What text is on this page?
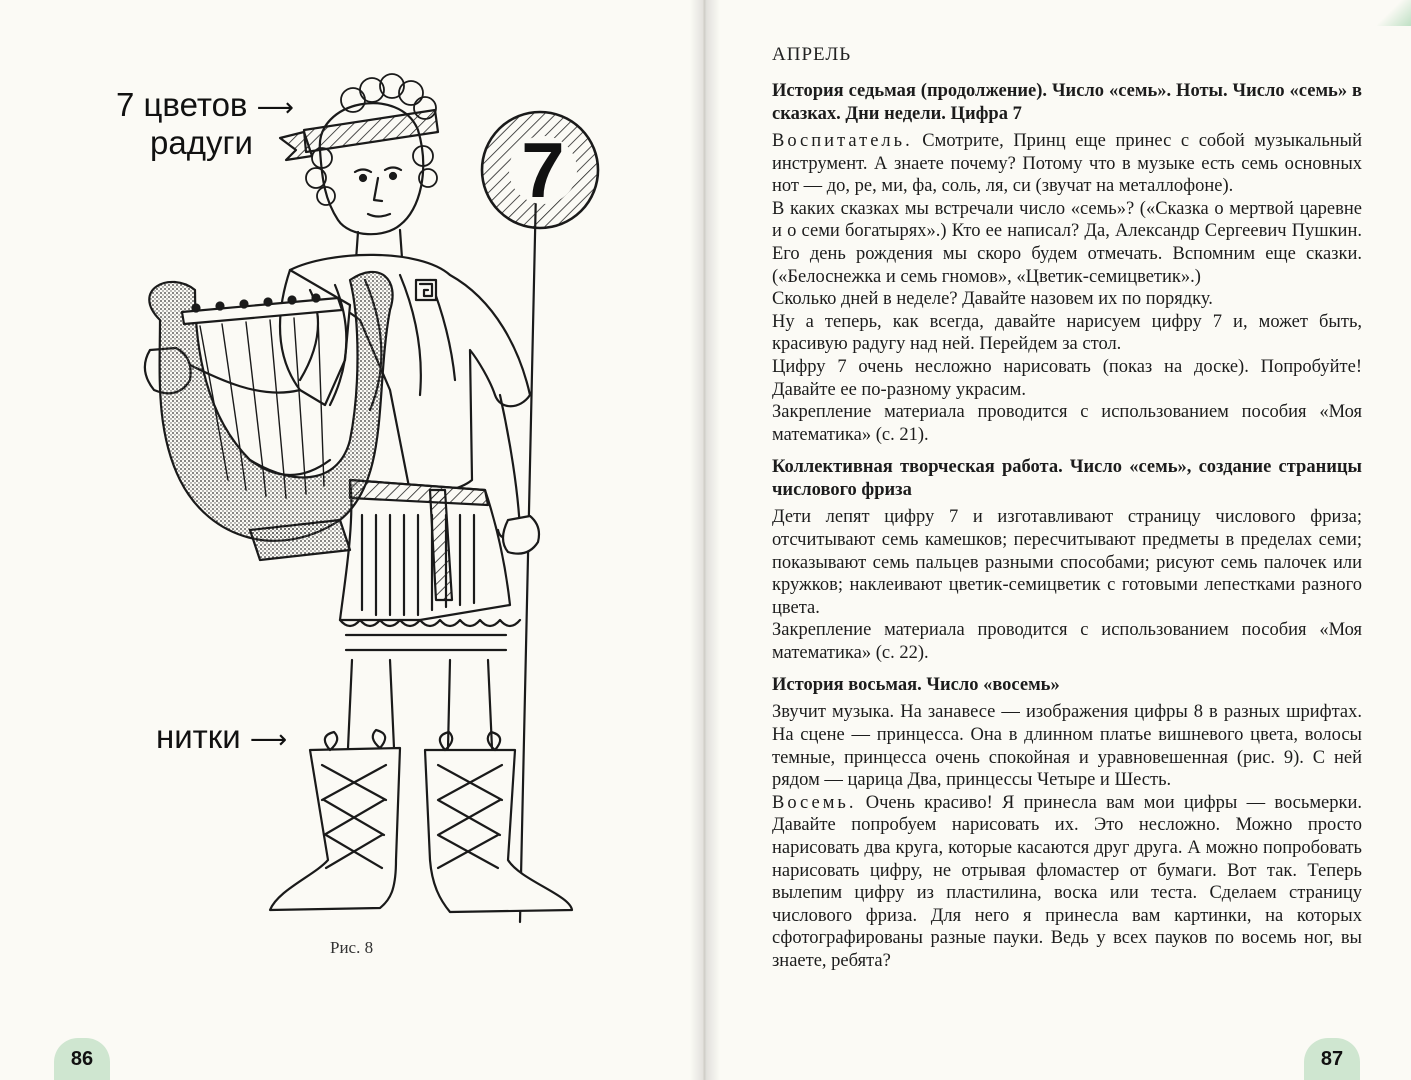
7
7 цветов ⟶
радуги
нитки ⟶
Рис. 8
86
АПРЕЛЬ

История седьмая (продолжение). Число «семь». Ноты. Число «семь» в сказках. Дни недели. Цифра 7

Воспитатель. Смотрите, Принц еще принес с собой музыкальный инструмент. А знаете почему? Потому что в музыке есть семь основных нот — до, ре, ми, фа, соль, ля, си (звучат на металлофоне).

В каких сказках мы встречали число «семь»? («Сказка о мертвой царевне и о семи богатырях».) Кто ее написал? Да, Александр Сергеевич Пушкин. Его день рождения мы скоро будем отмечать. Вспомним еще сказки. («Белоснежка и семь гномов», «Цветик-семицветик».)

Сколько дней в неделе? Давайте назовем их по порядку.

Ну а теперь, как всегда, давайте нарисуем цифру 7 и, может быть, красивую радугу над ней. Перейдем за стол.

Цифру 7 очень несложно нарисовать (показ на доске). Попробуйте! Давайте ее по-разному украсим.

Закрепление материала проводится с использованием пособия «Моя математика» (с. 21).

Коллективная творческая работа. Число «семь», создание страницы числового фриза

Дети лепят цифру 7 и изготавливают страницу числового фриза; отсчитывают семь камешков; пересчитывают предметы в пределах семи; показывают семь пальцев разными способами; рисуют семь палочек или кружков; наклеивают цветик-семицветик с готовыми лепестками разного цвета.

Закрепление материала проводится с использованием пособия «Моя математика» (с. 22).

История восьмая. Число «восемь»

Звучит музыка. На занавесе — изображения цифры 8 в разных шрифтах. На сцене — принцесса. Она в длинном платье вишневого цвета, волосы темные, принцесса очень спокойная и уравновешенная (рис. 9). С ней рядом — царица Два, принцессы Четыре и Шесть.

Восемь. Очень красиво! Я принесла вам мои цифры — восьмерки. Давайте попробуем нарисовать их. Это несложно. Можно просто нарисовать два круга, которые касаются друг друга. А можно попробовать нарисовать цифру, не отрывая фломастер от бумаги. Вот так. Теперь вылепим цифру из пластилина, воска или теста. Сделаем страницу числового фриза. Для него я принесла вам картинки, на которых сфотографированы разные пауки. Ведь у всех пауков по восемь ног, вы знаете, ребята?

87
